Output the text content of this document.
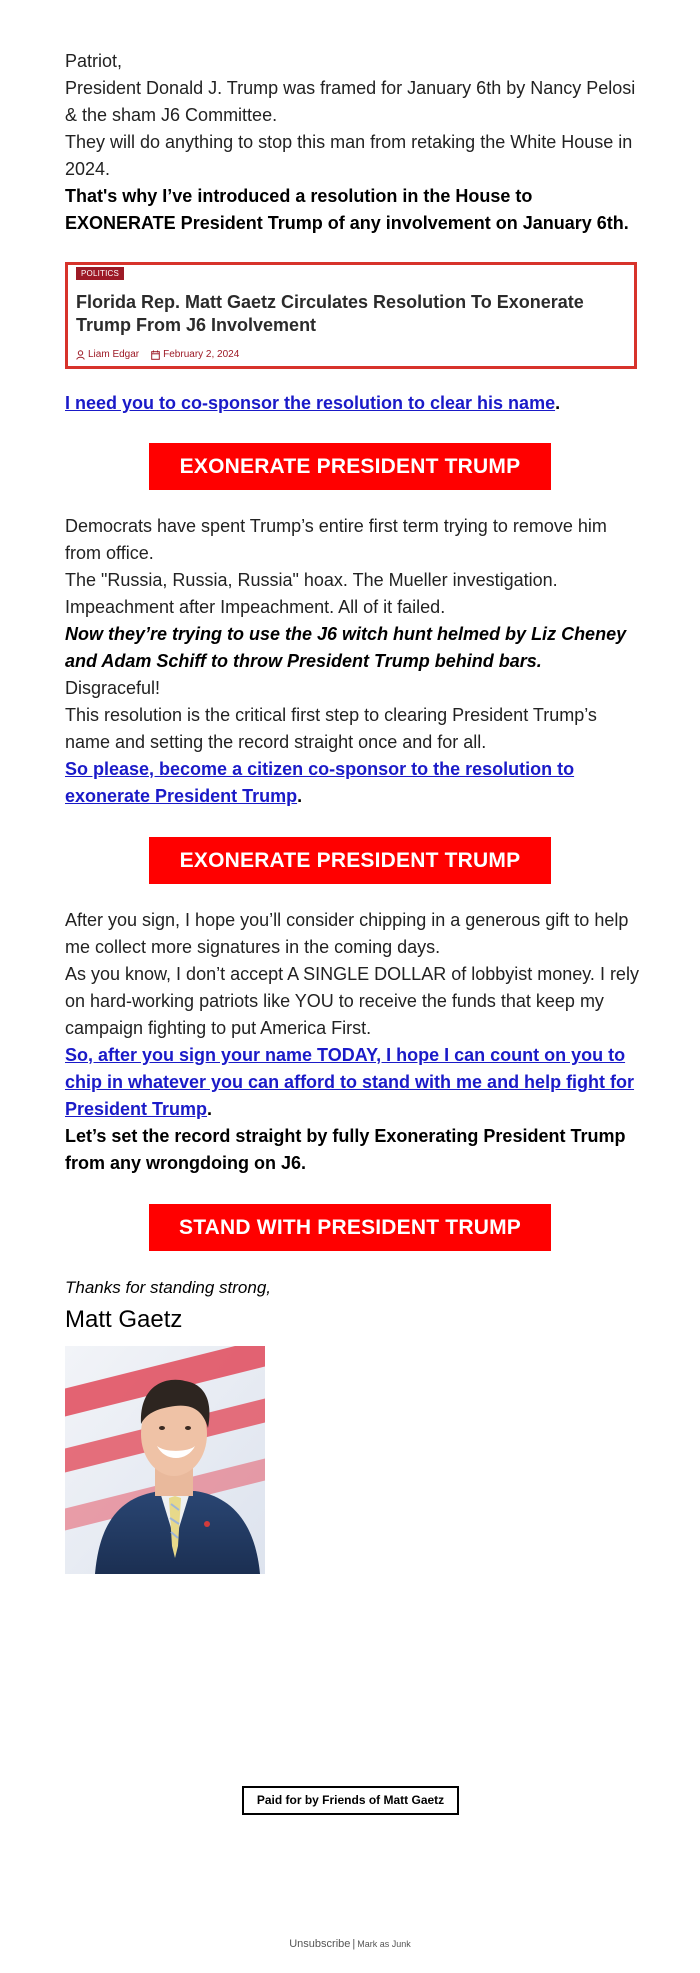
Patriot,

President Donald J. Trump was framed for January 6th by Nancy Pelosi & the sham J6 Committee.

They will do anything to stop this man from retaking the White House in 2024.

That's why I’ve introduced a resolution in the House to EXONERATE President Trump of any involvement on January 6th.

POLITICS
Florida Rep. Matt Gaetz Circulates Resolution To Exonerate Trump From J6 Involvement
Liam Edgar February 2, 2024

I need you to co-sponsor the resolution to clear his name.

EXONERATE PRESIDENT TRUMP

Democrats have spent Trump’s entire first term trying to remove him from office.

The "Russia, Russia, Russia" hoax. The Mueller investigation. Impeachment after Impeachment. All of it failed.

Now they’re trying to use the J6 witch hunt helmed by Liz Cheney and Adam Schiff to throw President Trump behind bars.

Disgraceful!

This resolution is the critical first step to clearing President Trump’s name and setting the record straight once and for all.

So please, become a citizen co-sponsor to the resolution to exonerate President Trump.

EXONERATE PRESIDENT TRUMP

After you sign, I hope you’ll consider chipping in a generous gift to help me collect more signatures in the coming days.

As you know, I don’t accept A SINGLE DOLLAR of lobbyist money. I rely on hard-working patriots like YOU to receive the funds that keep my campaign fighting to put America First.

So, after you sign your name TODAY, I hope I can count on you to chip in whatever you can afford to stand with me and help fight for President Trump.

Let’s set the record straight by fully Exonerating President Trump from any wrongdoing on J6.

STAND WITH PRESIDENT TRUMP
Thanks for standing strong,
Matt Gaetz
Paid for by Friends of Matt Gaetz
Unsubscribe | Mark as Junk
